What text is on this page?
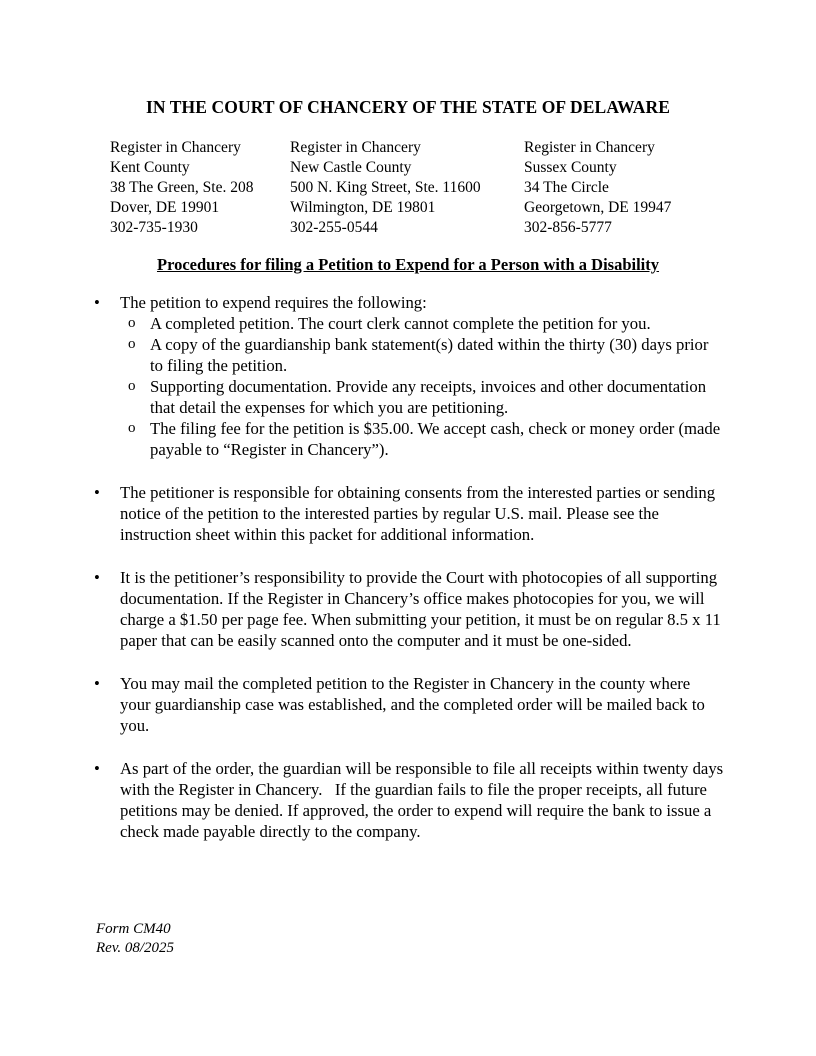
IN THE COURT OF CHANCERY OF THE STATE OF DELAWARE
Register in Chancery
Kent County
38 The Green, Ste. 208
Dover, DE 19901
302-735-1930
Register in Chancery
New Castle County
500 N. King Street, Ste. 11600
Wilmington, DE 19801
302-255-0544
Register in Chancery
Sussex County
34 The Circle
Georgetown, DE 19947
302-856-5777
Procedures for filing a Petition to Expend for a Person with a Disability
• The petition to expend requires the following:
o A completed petition. The court clerk cannot complete the petition for you.
o A copy of the guardianship bank statement(s) dated within the thirty (30) days prior to filing the petition.
o Supporting documentation. Provide any receipts, invoices and other documentation that detail the expenses for which you are petitioning.
o The filing fee for the petition is $35.00. We accept cash, check or money order (made payable to “Register in Chancery”).
• The petitioner is responsible for obtaining consents from the interested parties or sending notice of the petition to the interested parties by regular U.S. mail. Please see the instruction sheet within this packet for additional information.
• It is the petitioner’s responsibility to provide the Court with photocopies of all supporting documentation. If the Register in Chancery’s office makes photocopies for you, we will charge a $1.50 per page fee. When submitting your petition, it must be on regular 8.5 x 11 paper that can be easily scanned onto the computer and it must be one-sided.
• You may mail the completed petition to the Register in Chancery in the county where your guardianship case was established, and the completed order will be mailed back to you.
• As part of the order, the guardian will be responsible to file all receipts within twenty days with the Register in Chancery.   If the guardian fails to file the proper receipts, all future petitions may be denied. If approved, the order to expend will require the bank to issue a check made payable directly to the company.
Form CM40
Rev. 08/2025
